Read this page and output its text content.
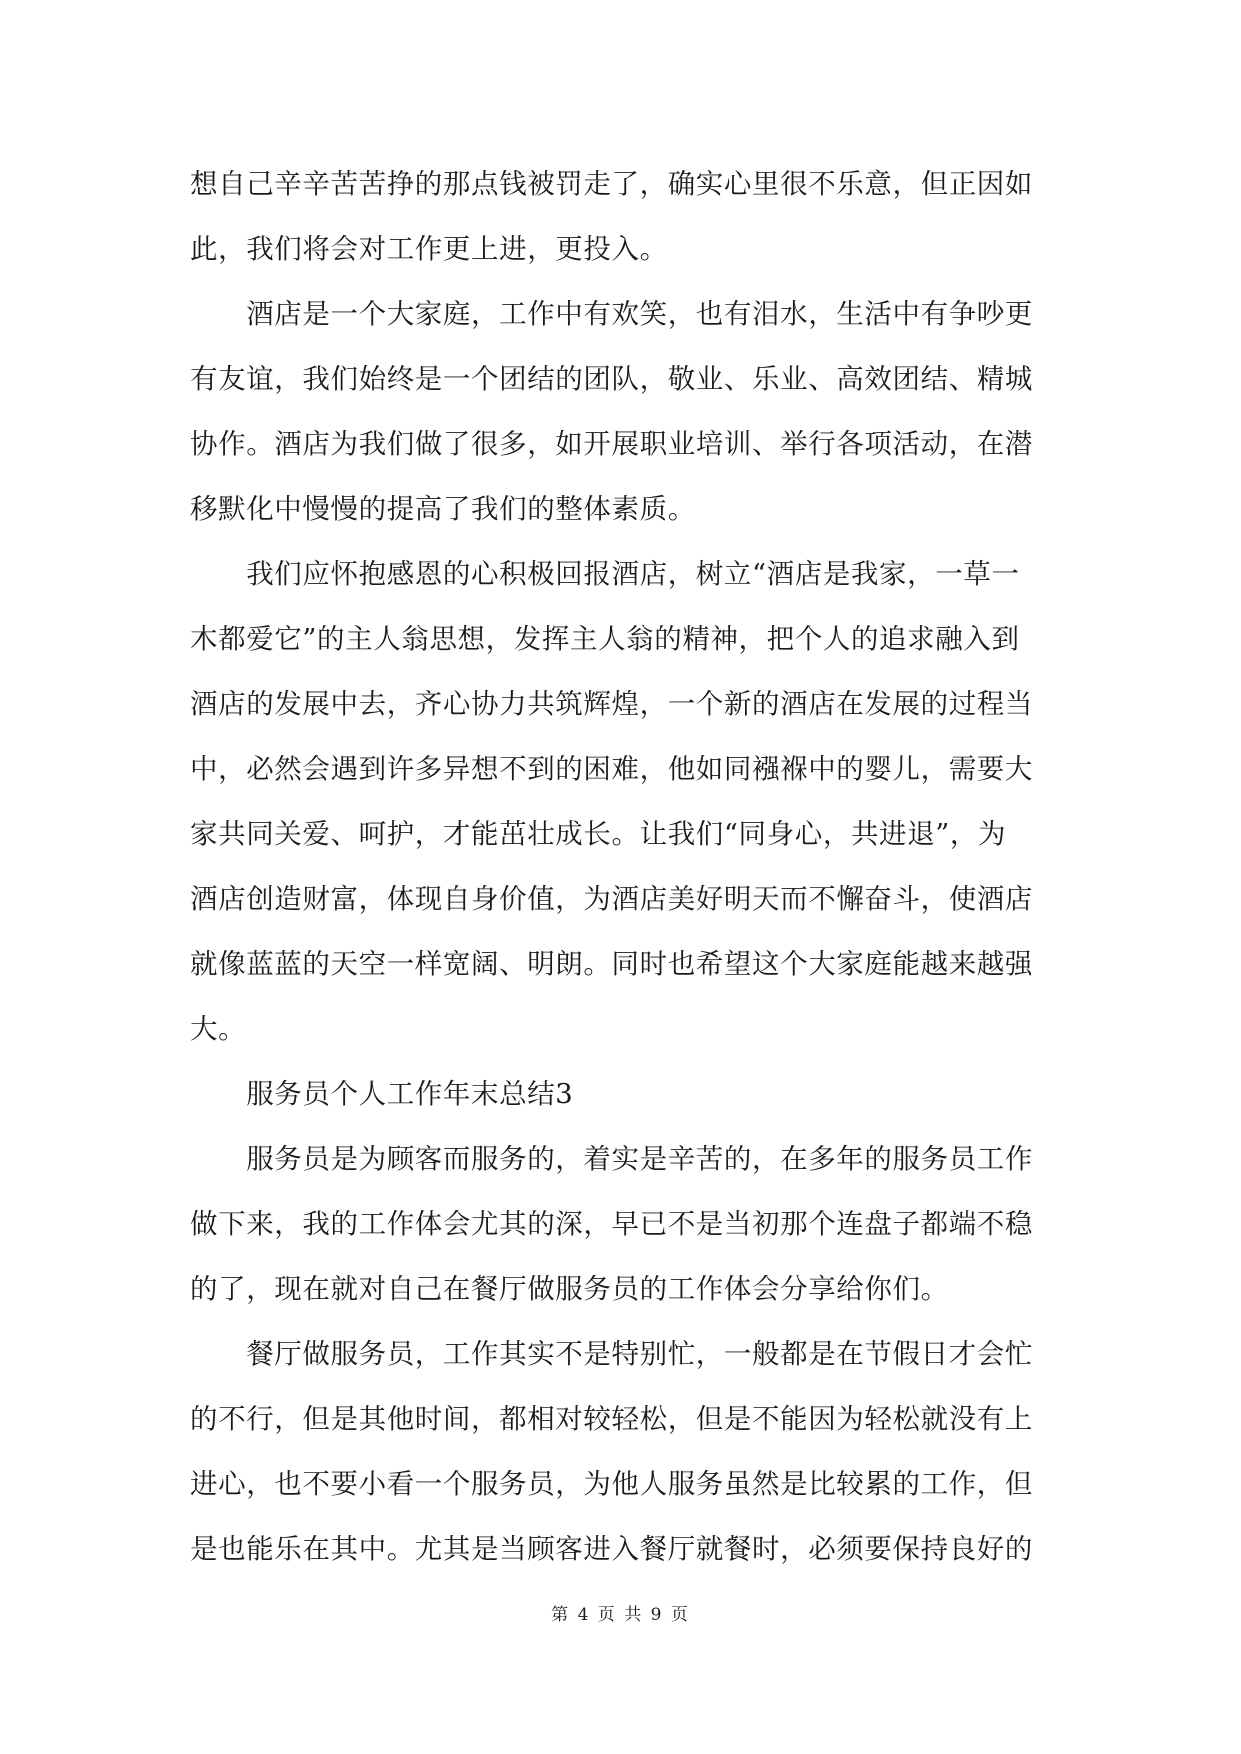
想自己辛辛苦苦挣的那点钱被罚走了，确实心里很不乐意，但正因如
此，我们将会对工作更上进，更投入。
　　酒店是一个大家庭，工作中有欢笑，也有泪水，生活中有争吵更
有友谊，我们始终是一个团结的团队，敬业、乐业、高效团结、精城
协作。酒店为我们做了很多，如开展职业培训、举行各项活动，在潜
移默化中慢慢的提高了我们的整体素质。
　　我们应怀抱感恩的心积极回报酒店，树立“酒店是我家，一草一
木都爱它”的主人翁思想，发挥主人翁的精神，把个人的追求融入到
酒店的发展中去，齐心协力共筑辉煌，一个新的酒店在发展的过程当
中，必然会遇到许多异想不到的困难，他如同襁褓中的婴儿，需要大
家共同关爱、呵护，才能茁壮成长。让我们“同身心，共进退”，为
酒店创造财富，体现自身价值，为酒店美好明天而不懈奋斗，使酒店
就像蓝蓝的天空一样宽阔、明朗。同时也希望这个大家庭能越来越强
大。
　　服务员个人工作年末总结3
　　服务员是为顾客而服务的，着实是辛苦的，在多年的服务员工作
做下来，我的工作体会尤其的深，早已不是当初那个连盘子都端不稳
的了，现在就对自己在餐厅做服务员的工作体会分享给你们。
　　餐厅做服务员，工作其实不是特别忙，一般都是在节假日才会忙
的不行，但是其他时间，都相对较轻松，但是不能因为轻松就没有上
进心，也不要小看一个服务员，为他人服务虽然是比较累的工作，但
是也能乐在其中。尤其是当顾客进入餐厅就餐时，必须要保持良好的
第 4 页 共 9 页
